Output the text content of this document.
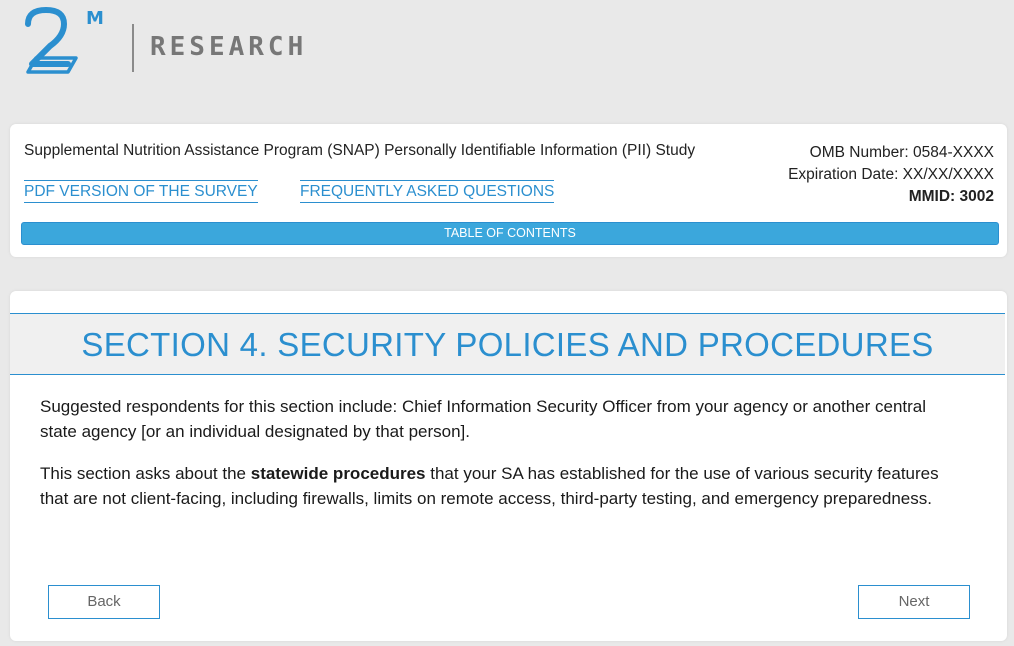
M
RESEARCH
Supplemental Nutrition Assistance Program (SNAP) Personally Identifiable Information (PII) Study	OMB Number: 0584-XXXX
Expiration Date: XX/XX/XXXX
MMID: 3002
PDF VERSION OF THE SURVEY	FREQUENTLY ASKED QUESTIONS
TABLE OF CONTENTS
SECTION 4. SECURITY POLICIES AND PROCEDURES
Suggested respondents for this section include: Chief Information Security Officer from your agency or another central state agency [or an individual designated by that person].
This section asks about the statewide procedures that your SA has established for the use of various security features that are not client-facing, including firewalls, limits on remote access, third-party testing, and emergency preparedness.
Back	Next
